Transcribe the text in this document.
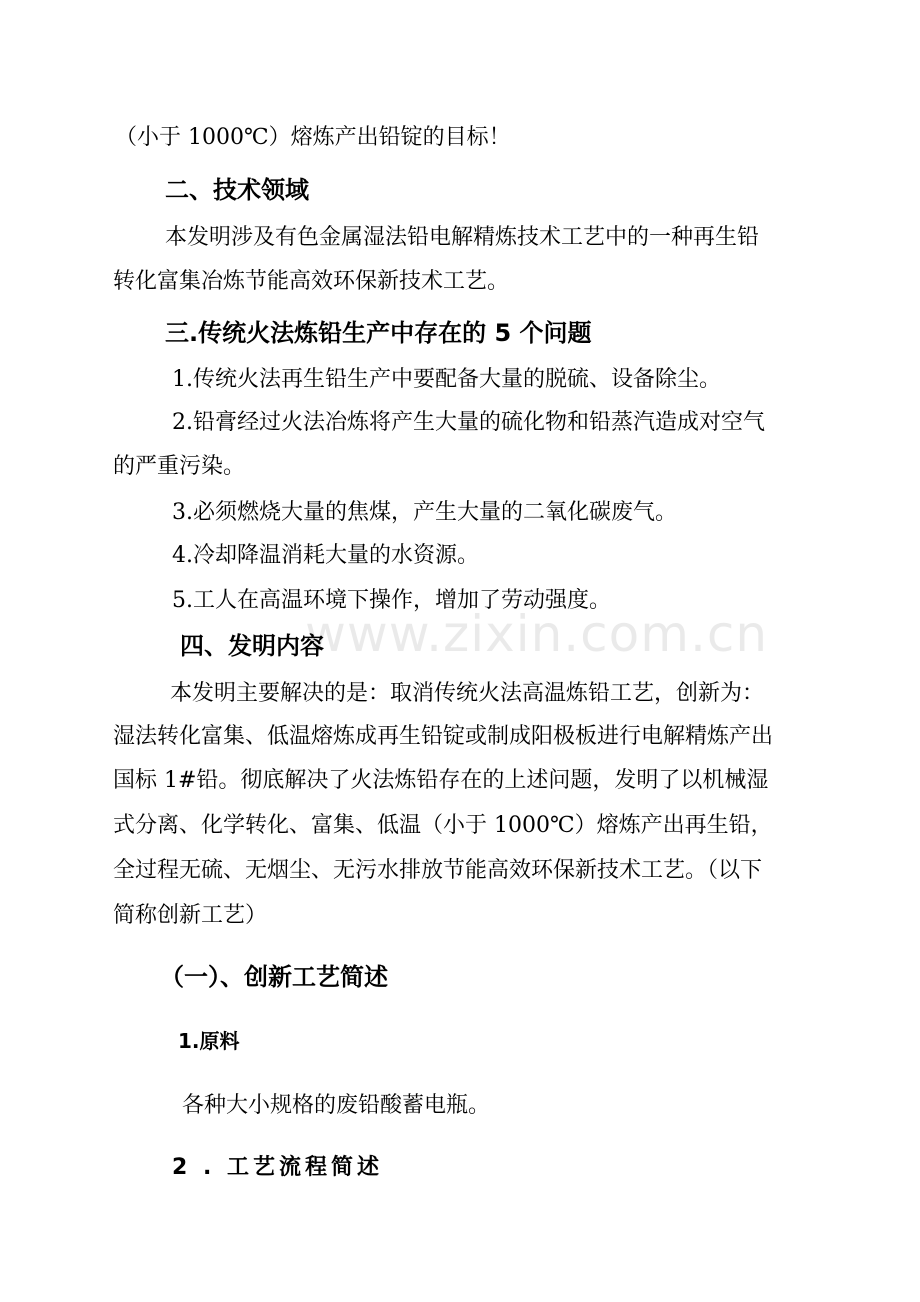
www.zixin.com.cn
（小于 1000℃）熔炼产出铅锭的目标！
二、技术领域
本发明涉及有色金属湿法铅电解精炼技术工艺中的一种再生铅
转化富集冶炼节能高效环保新技术工艺。
三.传统火法炼铅生产中存在的 5 个问题
1.传统火法再生铅生产中要配备大量的脱硫、设备除尘。
2.铅膏经过火法冶炼将产生大量的硫化物和铅蒸汽造成对空气
的严重污染。
3.必须燃烧大量的焦煤，产生大量的二氧化碳废气。
4.冷却降温消耗大量的水资源。
5.工人在高温环境下操作，增加了劳动强度。
四、发明内容
本发明主要解决的是：取消传统火法高温炼铅工艺，创新为：
湿法转化富集、低温熔炼成再生铅锭或制成阳极板进行电解精炼产出
国标 1#铅。彻底解决了火法炼铅存在的上述问题，发明了以机械湿
式分离、化学转化、富集、低温（小于 1000℃）熔炼产出再生铅，
全过程无硫、无烟尘、无污水排放节能高效环保新技术工艺。（以下
简称创新工艺）
（一）、创新工艺简述
1.原料
各种大小规格的废铅酸蓄电瓶。
2 . 工艺流程简述
